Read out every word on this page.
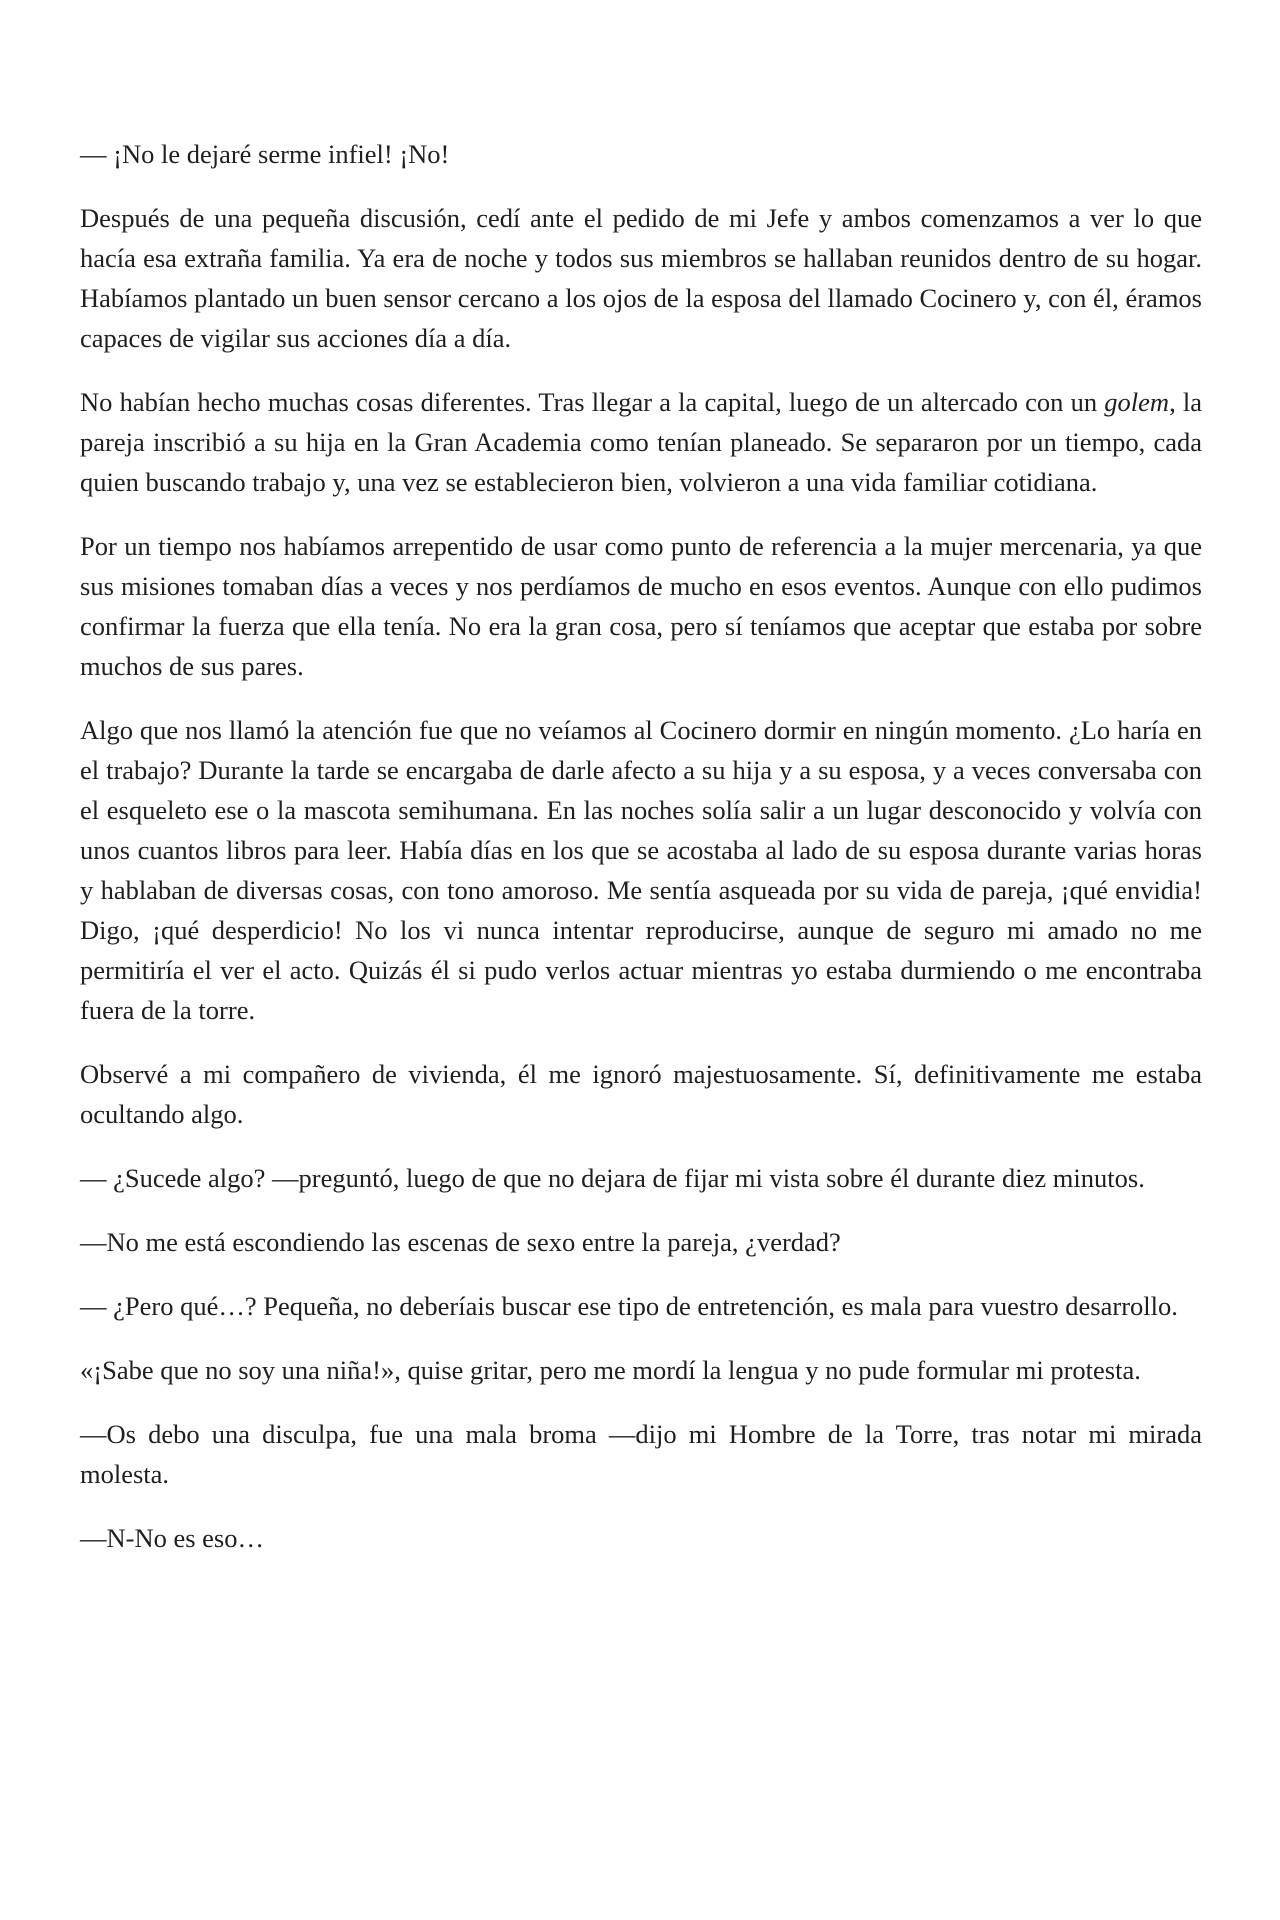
— ¡No le dejaré serme infiel! ¡No!

Después de una pequeña discusión, cedí ante el pedido de mi Jefe y ambos comenzamos a ver lo que hacía esa extraña familia. Ya era de noche y todos sus miembros se hallaban reunidos dentro de su hogar. Habíamos plantado un buen sensor cercano a los ojos de la esposa del llamado Cocinero y, con él, éramos capaces de vigilar sus acciones día a día.

No habían hecho muchas cosas diferentes. Tras llegar a la capital, luego de un altercado con un golem, la pareja inscribió a su hija en la Gran Academia como tenían planeado. Se separaron por un tiempo, cada quien buscando trabajo y, una vez se establecieron bien, volvieron a una vida familiar cotidiana.

Por un tiempo nos habíamos arrepentido de usar como punto de referencia a la mujer mercenaria, ya que sus misiones tomaban días a veces y nos perdíamos de mucho en esos eventos. Aunque con ello pudimos confirmar la fuerza que ella tenía. No era la gran cosa, pero sí teníamos que aceptar que estaba por sobre muchos de sus pares.

Algo que nos llamó la atención fue que no veíamos al Cocinero dormir en ningún momento. ¿Lo haría en el trabajo? Durante la tarde se encargaba de darle afecto a su hija y a su esposa, y a veces conversaba con el esqueleto ese o la mascota semihumana. En las noches solía salir a un lugar desconocido y volvía con unos cuantos libros para leer. Había días en los que se acostaba al lado de su esposa durante varias horas y hablaban de diversas cosas, con tono amoroso. Me sentía asqueada por su vida de pareja, ¡qué envidia! Digo, ¡qué desperdicio! No los vi nunca intentar reproducirse, aunque de seguro mi amado no me permitiría el ver el acto. Quizás él si pudo verlos actuar mientras yo estaba durmiendo o me encontraba fuera de la torre.

Observé a mi compañero de vivienda, él me ignoró majestuosamente. Sí, definitivamente me estaba ocultando algo.

— ¿Sucede algo? —preguntó, luego de que no dejara de fijar mi vista sobre él durante diez minutos.

—No me está escondiendo las escenas de sexo entre la pareja, ¿verdad?

— ¿Pero qué…? Pequeña, no deberíais buscar ese tipo de entretención, es mala para vuestro desarrollo.

«¡Sabe que no soy una niña!», quise gritar, pero me mordí la lengua y no pude formular mi protesta.

—Os debo una disculpa, fue una mala broma —dijo mi Hombre de la Torre, tras notar mi mirada molesta.

—N-No es eso…
